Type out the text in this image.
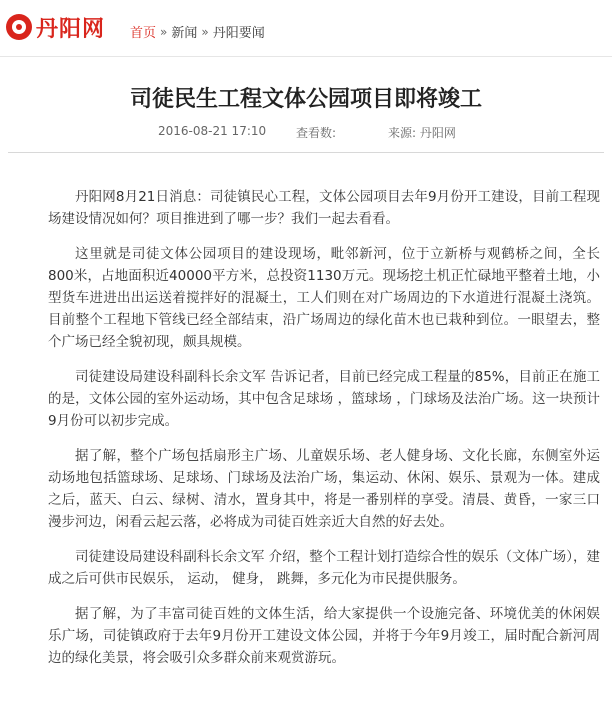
丹阳网 首页 » 新闻 » 丹阳要闻
司徒民生工程文体公园项目即将竣工
2016-08-21 17:10 查看数:	来源: 丹阳网

丹阳网8月21日消息：司徒镇民心工程，文体公园项目去年9月份开工建设，目前工程现场建设情况如何？项目推进到了哪一步？我们一起去看看。

这里就是司徒文体公园项目的建设现场，毗邻新河，位于立新桥与观鹤桥之间，全长800米，占地面积近40000平方米，总投资1130万元。现场挖土机正忙碌地平整着土地，小型货车进进出出运送着搅拌好的混凝土，工人们则在对广场周边的下水道进行混凝土浇筑。目前整个工程地下管线已经全部结束，沿广场周边的绿化苗木也已栽种到位。一眼望去，整个广场已经全貌初现，颇具规模。

司徒建设局建设科副科长余文军 告诉记者，目前已经完成工程量的85%，目前正在施工的是，文体公园的室外运动场，其中包含足球场 ，篮球场 ，门球场及法治广场。这一块预计9月份可以初步完成。

据了解，整个广场包括扇形主广场、儿童娱乐场、老人健身场、文化长廊，东侧室外运动场地包括篮球场、足球场、门球场及法治广场，集运动、休闲、娱乐、景观为一体。建成之后，蓝天、白云、绿树、清水，置身其中，将是一番别样的享受。清晨、黄昏，一家三口漫步河边，闲看云起云落，必将成为司徒百姓亲近大自然的好去处。

司徒建设局建设科副科长余文军 介绍，整个工程计划打造综合性的娱乐（文体广场），建成之后可供市民娱乐， 运动， 健身， 跳舞，多元化为市民提供服务。

据了解，为了丰富司徒百姓的文体生活，给大家提供一个设施完备、环境优美的休闲娱乐广场，司徒镇政府于去年9月份开工建设文体公园，并将于今年9月竣工，届时配合新河周边的绿化美景，将会吸引众多群众前来观赏游玩。
